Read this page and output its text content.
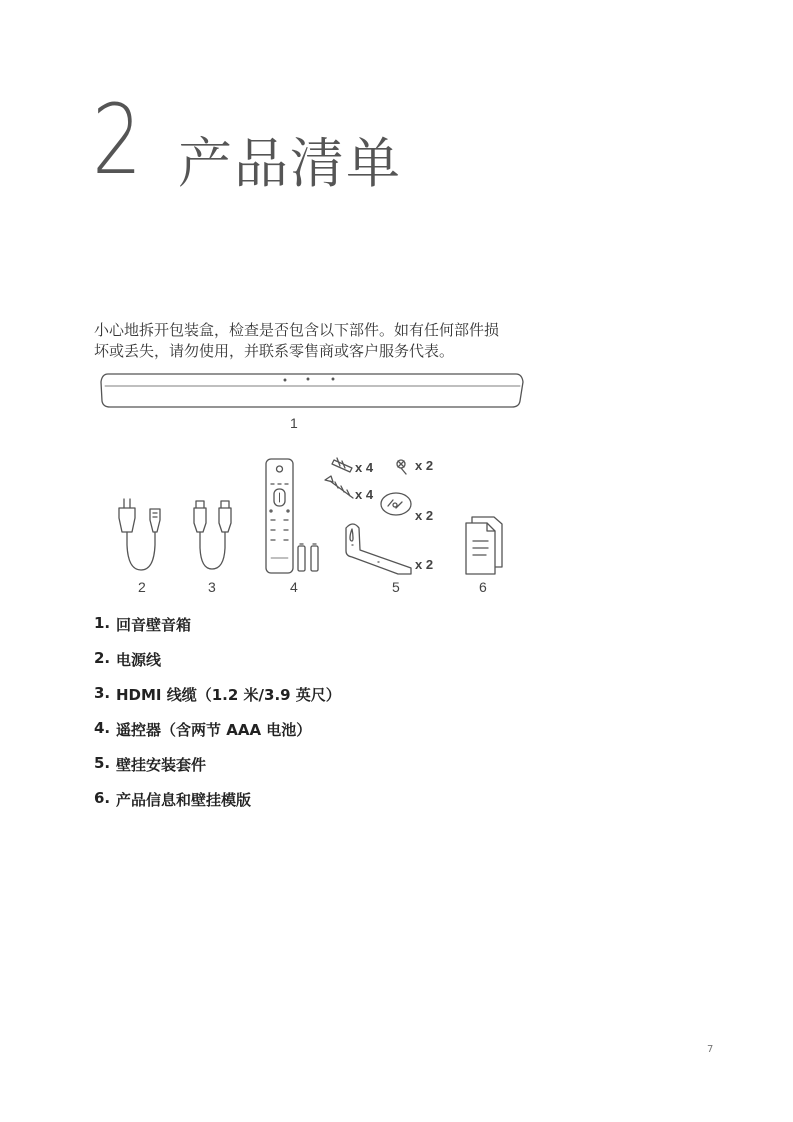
2 产品清单
小心地拆开包装盒，检查是否包含以下部件。如有任何部件损
坏或丢失，请勿使用，并联系零售商或客户服务代表。
1
2	3	4	5	6
x 4	x 2
x 4
x 2
x 2
1. 回音壁音箱
2. 电源线
3. HDMI 线缆（1.2 米/3.9 英尺）
4. 遥控器（含两节 AAA 电池）
5. 壁挂安装套件
6. 产品信息和壁挂模版
7
